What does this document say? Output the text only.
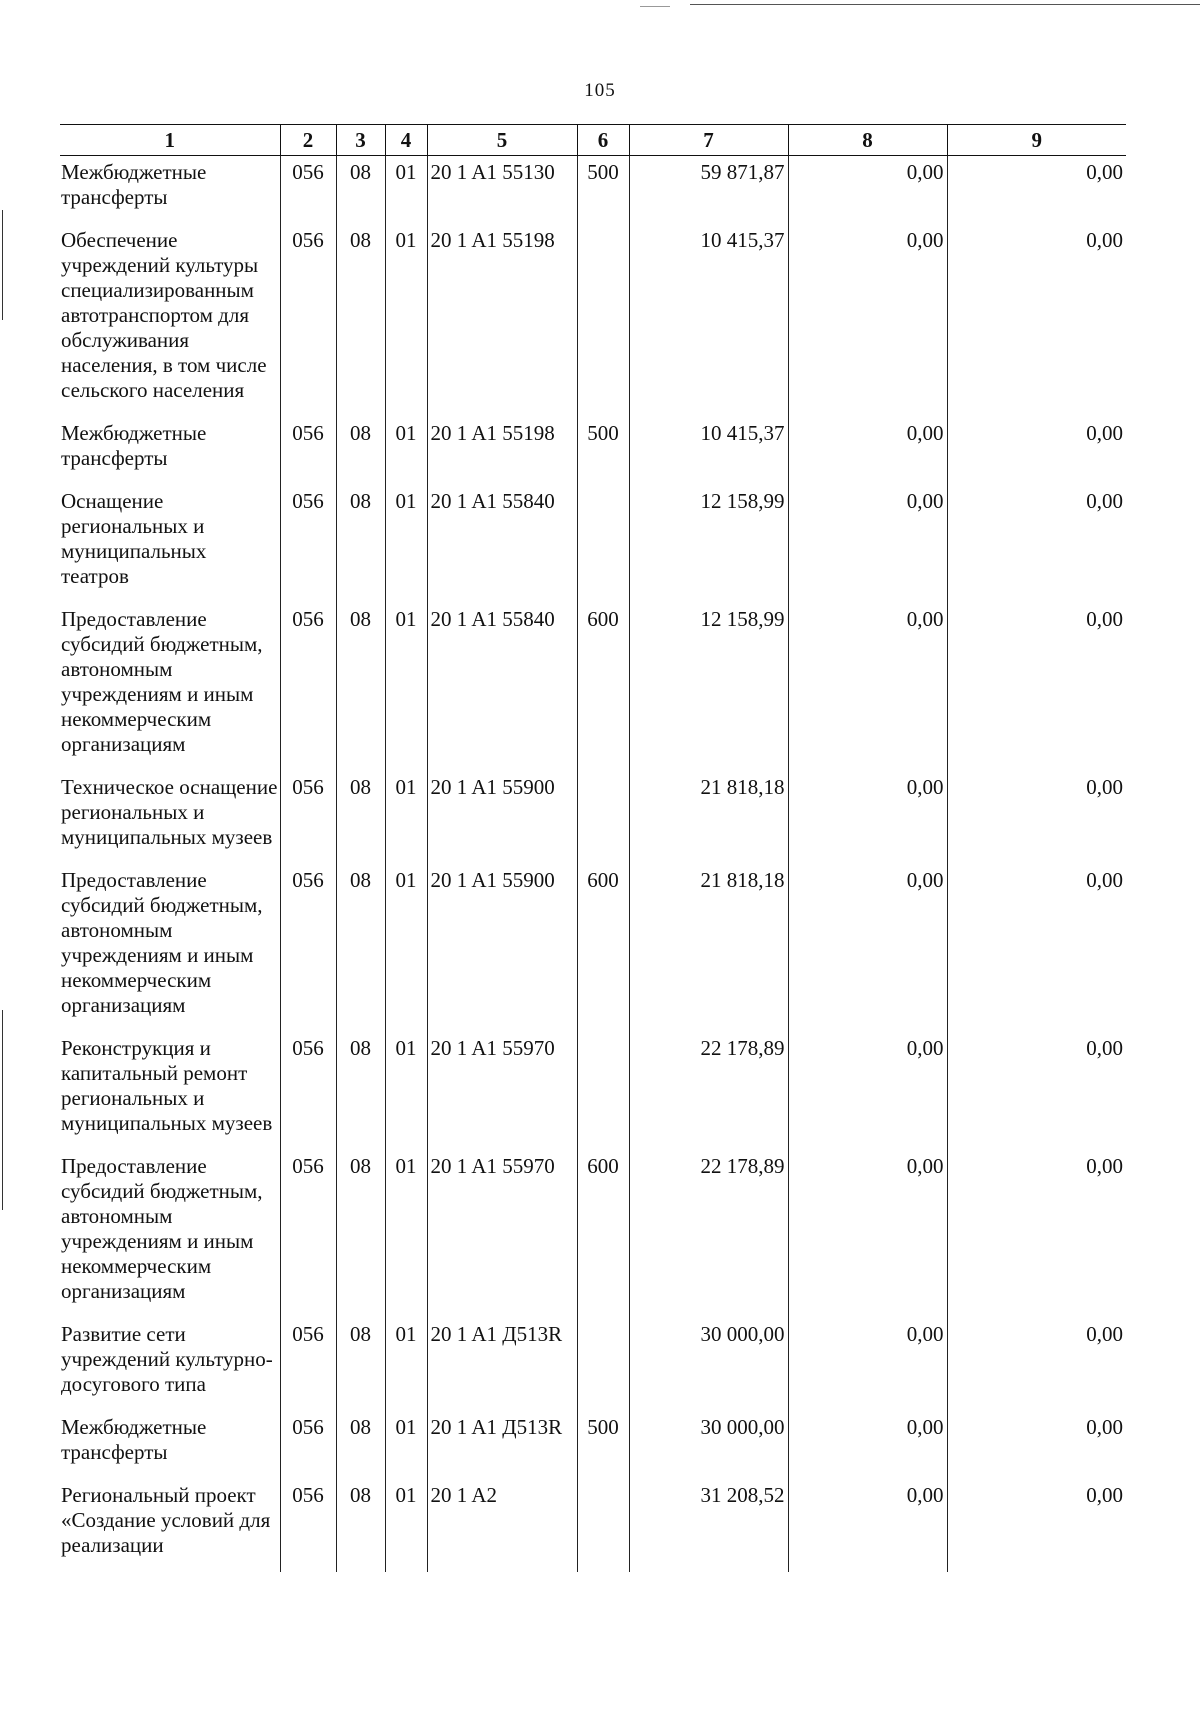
105
1	2	3	4	5	6	7	8	9
Межбюджетные трансферты	056	08	01	20 1 A1 55130	500	59 871,87	0,00	0,00
Обеспечение учреждений культуры специализированным автотранспортом для обслуживания населения, в том числе сельского населения	056	08	01	20 1 A1 55198		10 415,37	0,00	0,00
Межбюджетные трансферты	056	08	01	20 1 A1 55198	500	10 415,37	0,00	0,00
Оснащение региональных и муниципальных театров	056	08	01	20 1 A1 55840		12 158,99	0,00	0,00
Предоставление субсидий бюджетным, автономным учреждениям и иным некоммерческим организациям	056	08	01	20 1 A1 55840	600	12 158,99	0,00	0,00
Техническое оснащение региональных и муниципальных музеев	056	08	01	20 1 A1 55900		21 818,18	0,00	0,00
Предоставление субсидий бюджетным, автономным учреждениям и иным некоммерческим организациям	056	08	01	20 1 A1 55900	600	21 818,18	0,00	0,00
Реконструкция и капитальный ремонт региональных и муниципальных музеев	056	08	01	20 1 A1 55970		22 178,89	0,00	0,00
Предоставление субсидий бюджетным, автономным учреждениям и иным некоммерческим организациям	056	08	01	20 1 A1 55970	600	22 178,89	0,00	0,00
Развитие сети учреждений культурно-досугового типа	056	08	01	20 1 A1 Д513R		30 000,00	0,00	0,00
Межбюджетные трансферты	056	08	01	20 1 A1 Д513R	500	30 000,00	0,00	0,00
Региональный проект «Создание условий для реализации	056	08	01	20 1 A2		31 208,52	0,00	0,00
